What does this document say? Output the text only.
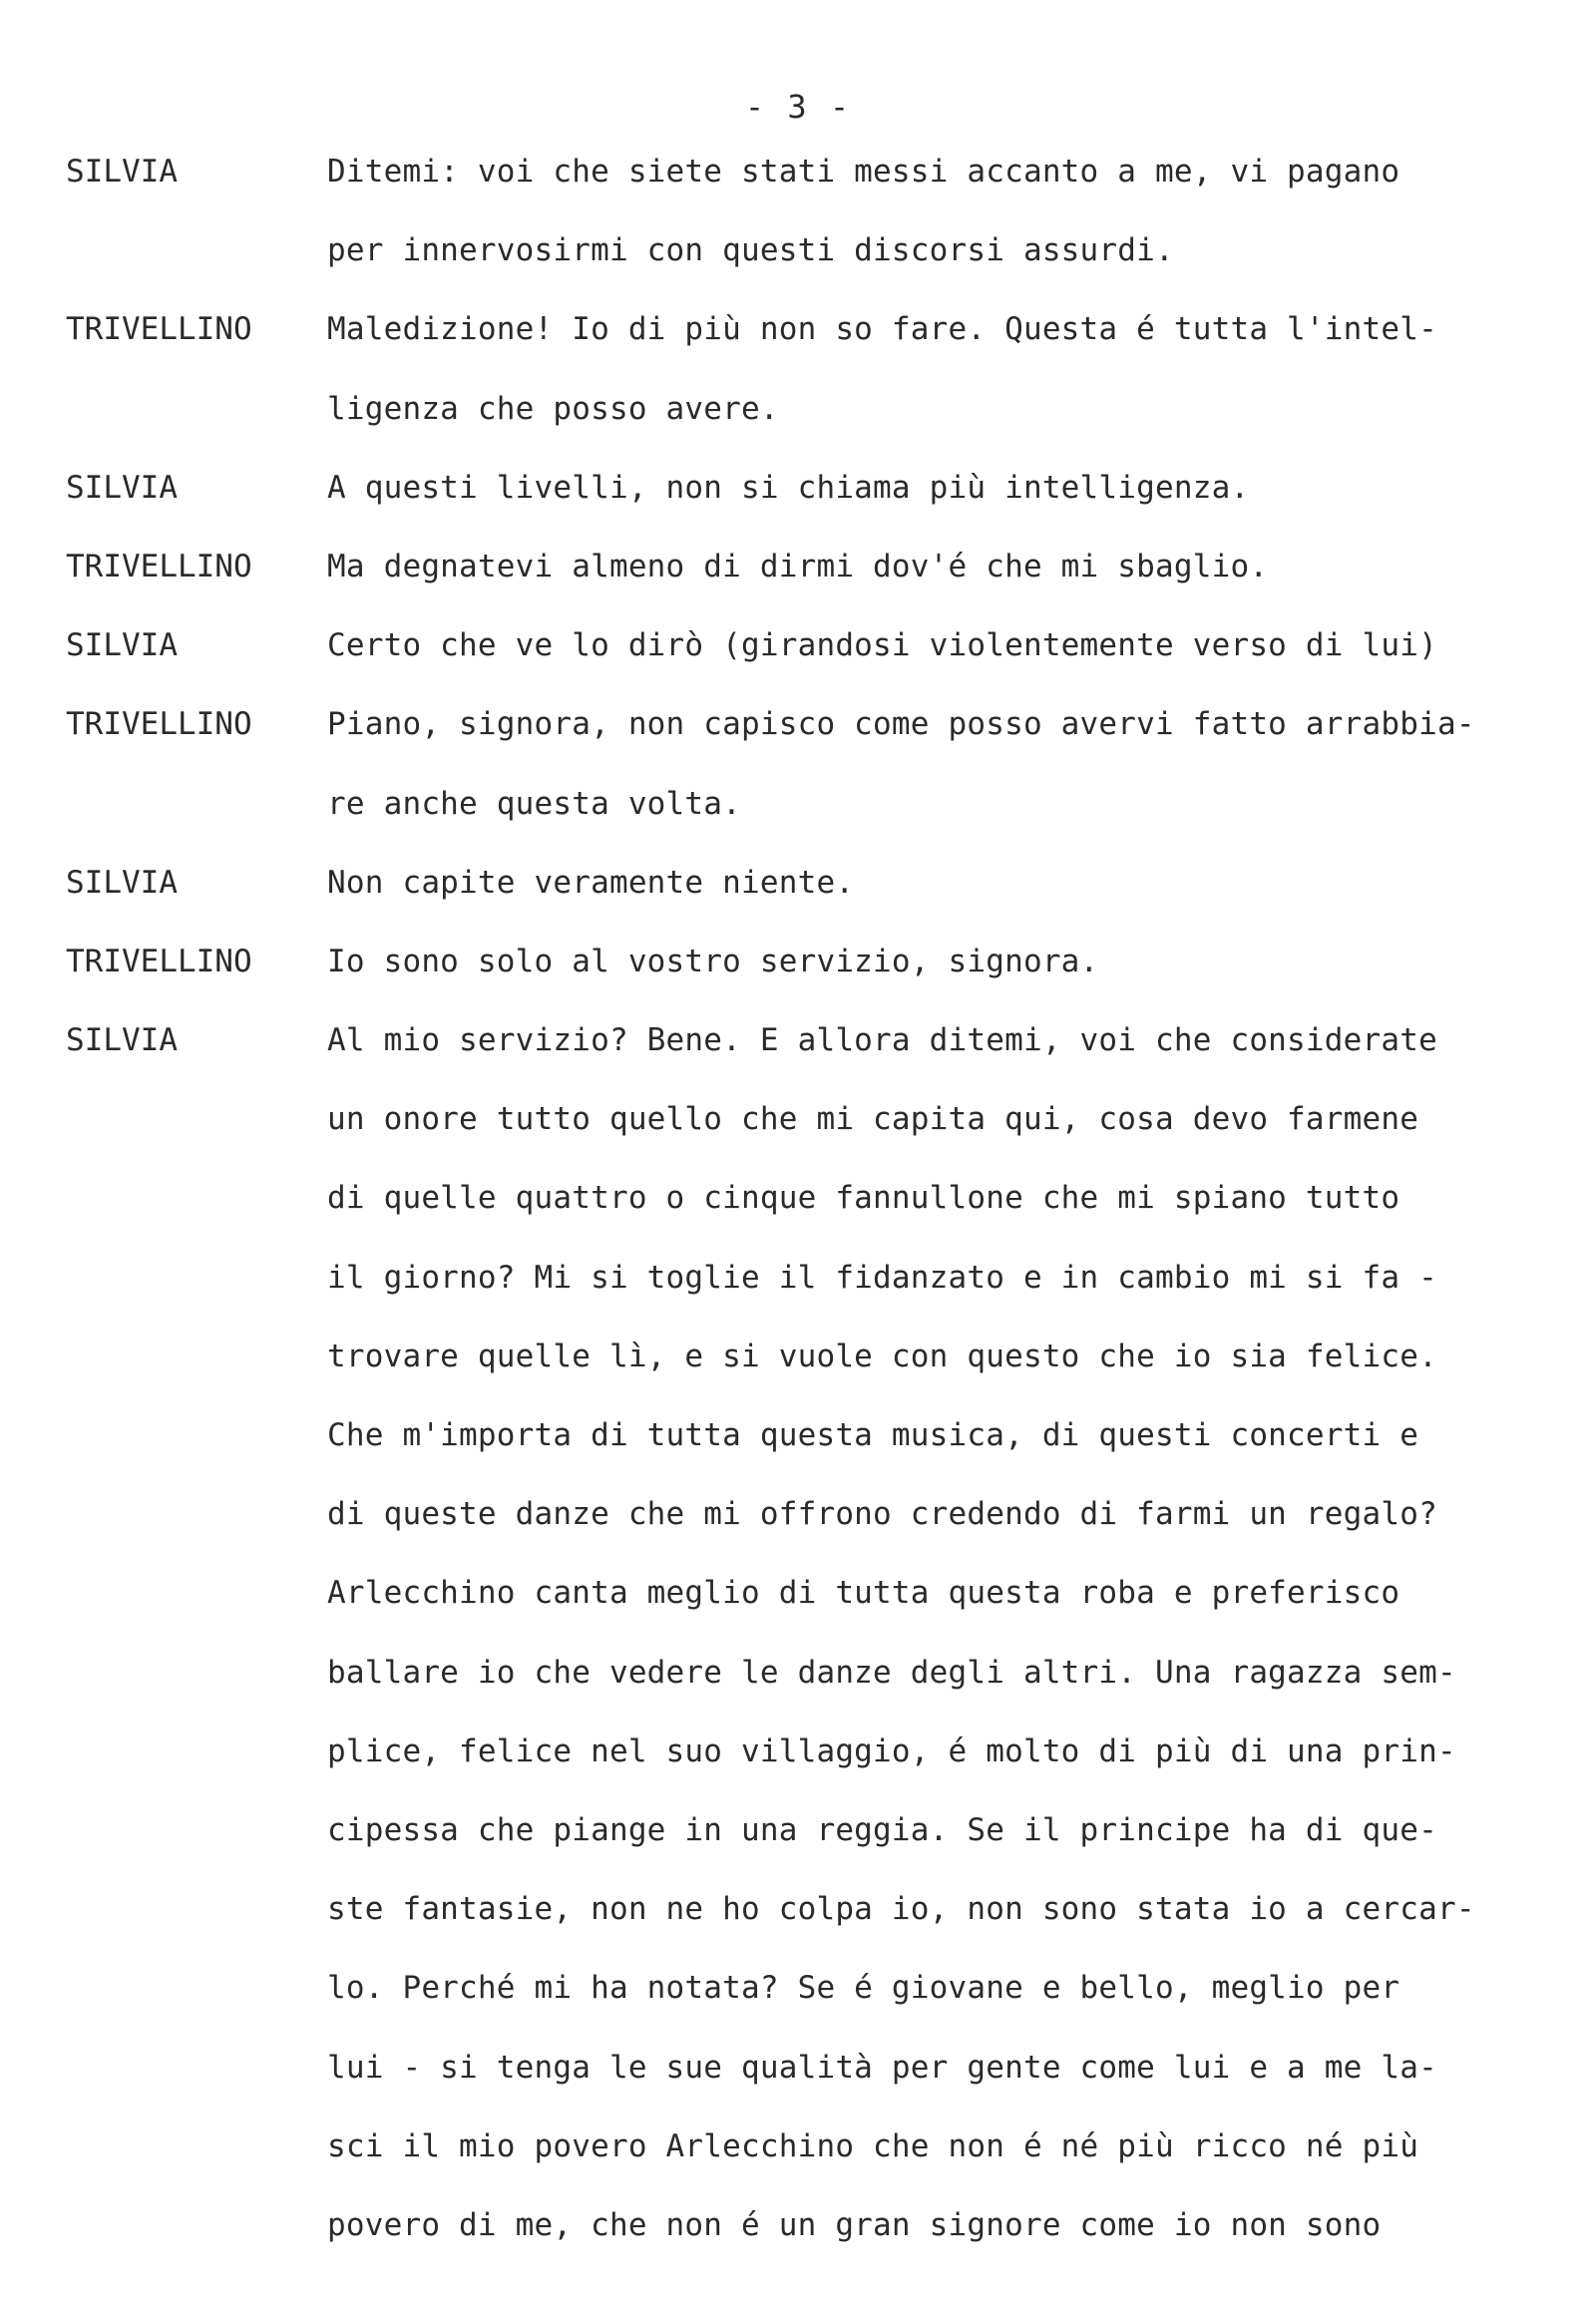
- 3 -
SILVIA	Ditemi: voi che siete stati messi accanto a me, vi pagano
per innervosirmi con questi discorsi assurdi.
TRIVELLINO Maledizione! Io di più non so fare. Questa é tutta l'intel-
ligenza che posso avere.
SILVIA	A questi livelli, non si chiama più intelligenza.
TRIVELLINO Ma degnatevi almeno di dirmi dov'é che mi sbaglio.
SILVIA	Certo che ve lo dirò (girandosi violentemente verso di lui)
TRIVELLINO Piano, signora, non capisco come posso avervi fatto arrabbia-
re anche questa volta.
SILVIA	Non capite veramente niente.
TRIVELLINO Io sono solo al vostro servizio, signora.
SILVIA	Al mio servizio? Bene. E allora ditemi, voi che considerate
un onore tutto quello che mi capita qui, cosa devo farmene
di quelle quattro o cinque fannullone che mi spiano tutto
il giorno? Mi si toglie il fidanzato e in cambio mi si fa -
trovare quelle lì, e si vuole con questo che io sia felice.
Che m'importa di tutta questa musica, di questi concerti e
di queste danze che mi offrono credendo di farmi un regalo?
Arlecchino canta meglio di tutta questa roba e preferisco
ballare io che vedere le danze degli altri. Una ragazza sem-
plice, felice nel suo villaggio, é molto di più di una prin-
cipessa che piange in una reggia. Se il principe ha di que-
ste fantasie, non ne ho colpa io, non sono stata io a cercar-
lo. Perché mi ha notata? Se é giovane e bello, meglio per
lui - si tenga le sue qualità per gente come lui e a me la-
sci il mio povero Arlecchino che non é né più ricco né più
povero di me, che non é un gran signore come io non sono
